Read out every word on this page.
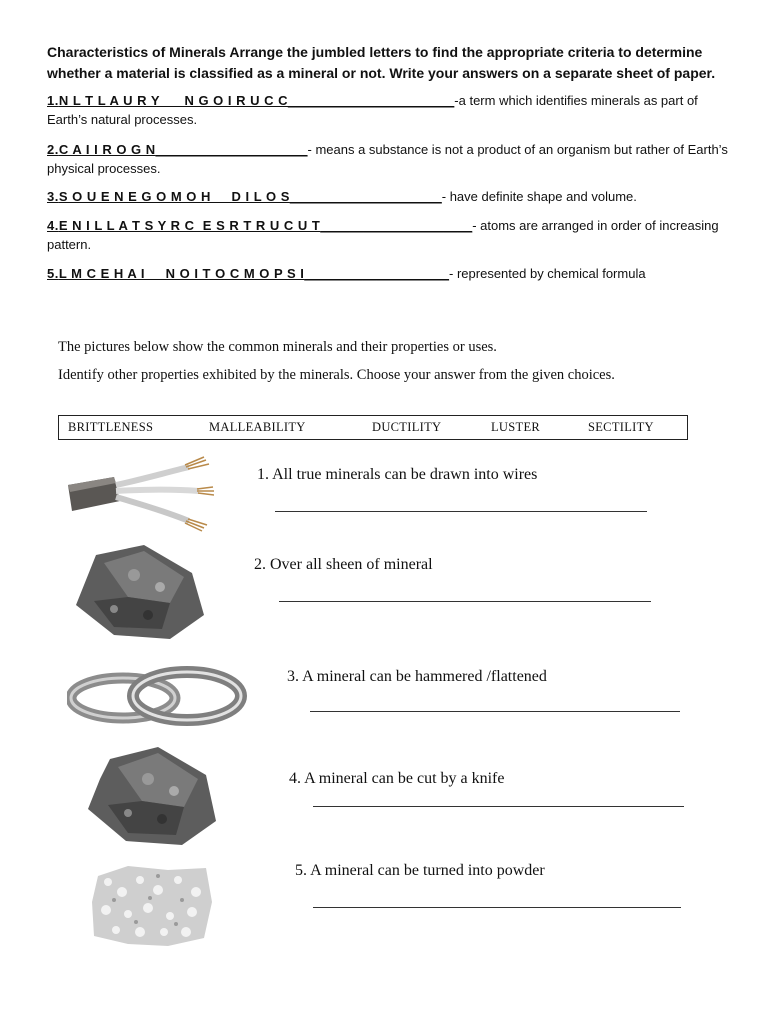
Characteristics of Minerals Arrange the jumbled letters to find the appropriate criteria to determine whether a material is classified as a mineral or not. Write your answers on a separate sheet of paper.
1.N L T L A U R Y      N G O I R U C C_______________________-a term which identifies minerals as part of Earth’s natural processes.
2.C A I I R O G N_____________________- means a substance is not a product of an organism but rather of Earth’s physical processes.
3.S O U E N E G O M O H     D I L O S_____________________- have definite shape and volume.
4.E N I L L A T S Y R C  E S R T R U C U T_____________________- atoms are arranged in order of increasing pattern.
5.L M C E H A I     N O I T O C M O P S I____________________- represented by chemical formula
The pictures below show the common minerals and their properties or uses.
Identify other properties exhibited by the minerals. Choose your answer from the given choices.
BRITTLENESS	MALLEABILITY	DUCTILITY	LUSTER	SECTILITY
1. All true minerals can be drawn into wires
2. Over all sheen of mineral
3. A mineral can be hammered /flattened
4. A mineral can be cut by a knife
5. A mineral can be turned into powder
